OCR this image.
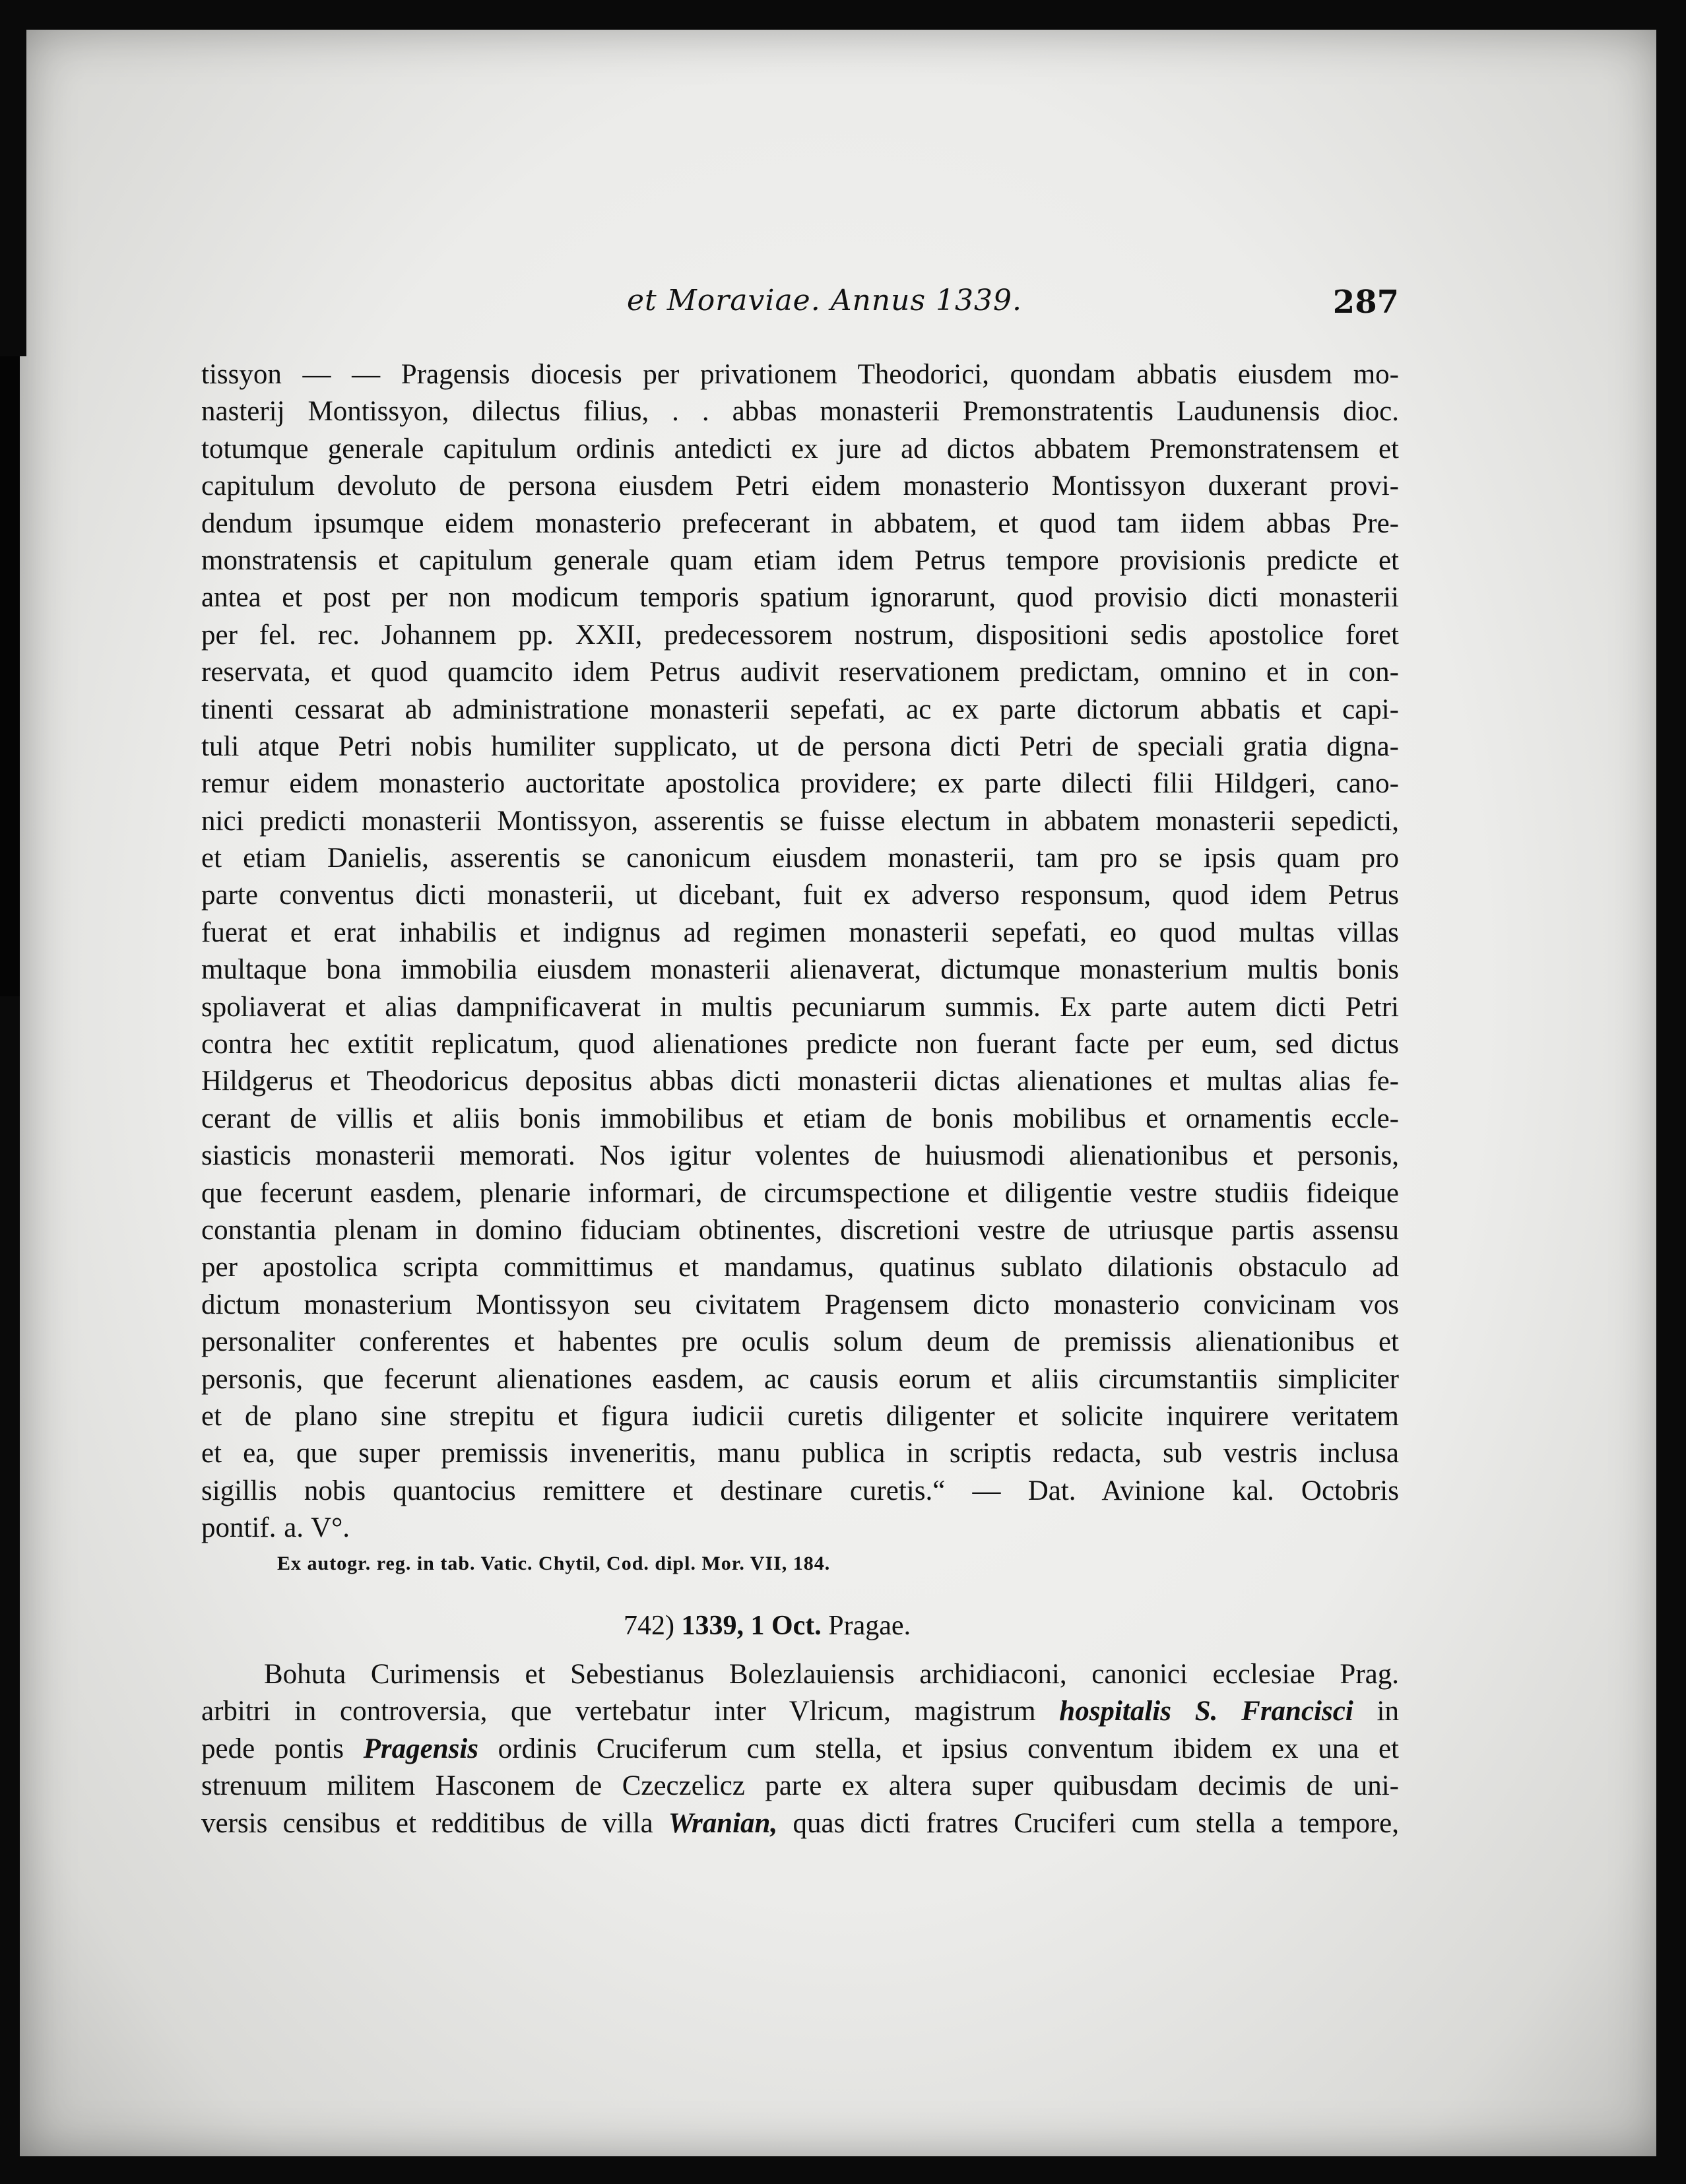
et Moraviae. Annus 1339.	287
tissyon — — Pragensis diocesis per privationem Theodorici, quondam abbatis eiusdem mo-
nasterij Montissyon, dilectus filius, . . abbas monasterii Premonstratentis Laudunensis dioc.
totumque generale capitulum ordinis antedicti ex jure ad dictos abbatem Premonstratensem et
capitulum devoluto de persona eiusdem Petri eidem monasterio Montissyon duxerant provi-
dendum ipsumque eidem monasterio prefecerant in abbatem, et quod tam iidem abbas Pre-
monstratensis et capitulum generale quam etiam idem Petrus tempore provisionis predicte et
antea et post per non modicum temporis spatium ignorarunt, quod provisio dicti monasterii
per fel. rec. Johannem pp. XXII, predecessorem nostrum, dispositioni sedis apostolice foret
reservata, et quod quamcito idem Petrus audivit reservationem predictam, omnino et in con-
tinenti cessarat ab administratione monasterii sepefati, ac ex parte dictorum abbatis et capi-
tuli atque Petri nobis humiliter supplicato, ut de persona dicti Petri de speciali gratia digna-
remur eidem monasterio auctoritate apostolica providere; ex parte dilecti filii Hildgeri, cano-
nici predicti monasterii Montissyon, asserentis se fuisse electum in abbatem monasterii sepedicti,
et etiam Danielis, asserentis se canonicum eiusdem monasterii, tam pro se ipsis quam pro
parte conventus dicti monasterii, ut dicebant, fuit ex adverso responsum, quod idem Petrus
fuerat et erat inhabilis et indignus ad regimen monasterii sepefati, eo quod multas villas
multaque bona immobilia eiusdem monasterii alienaverat, dictumque monasterium multis bonis
spoliaverat et alias dampnificaverat in multis pecuniarum summis. Ex parte autem dicti Petri
contra hec extitit replicatum, quod alienationes predicte non fuerant facte per eum, sed dictus
Hildgerus et Theodoricus depositus abbas dicti monasterii dictas alienationes et multas alias fe-
cerant de villis et aliis bonis immobilibus et etiam de bonis mobilibus et ornamentis eccle-
siasticis monasterii memorati. Nos igitur volentes de huiusmodi alienationibus et personis,
que fecerunt easdem, plenarie informari, de circumspectione et diligentie vestre studiis fideique
constantia plenam in domino fiduciam obtinentes, discretioni vestre de utriusque partis assensu
per apostolica scripta committimus et mandamus, quatinus sublato dilationis obstaculo ad
dictum monasterium Montissyon seu civitatem Pragensem dicto monasterio convicinam vos
personaliter conferentes et habentes pre oculis solum deum de premissis alienationibus et
personis, que fecerunt alienationes easdem, ac causis eorum et aliis circumstantiis simpliciter
et de plano sine strepitu et figura iudicii curetis diligenter et solicite inquirere veritatem
et ea, que super premissis inveneritis, manu publica in scriptis redacta, sub vestris inclusa
sigillis nobis quantocius remittere et destinare curetis.“ — Dat. Avinione kal. Octobris
pontif. a. V°.
Ex autogr. reg. in tab. Vatic. Chytil, Cod. dipl. Mor. VII, 184.
742) 1339, 1 Oct. Pragae.
Bohuta Curimensis et Sebestianus Bolezlauiensis archidiaconi, canonici ecclesiae Prag.
arbitri in controversia, que vertebatur inter Vlricum, magistrum hospitalis S. Francisci in
pede pontis Pragensis ordinis Cruciferum cum stella, et ipsius conventum ibidem ex una et
strenuum militem Hasconem de Czeczelicz parte ex altera super quibusdam decimis de uni-
versis censibus et redditibus de villa Wranian, quas dicti fratres Cruciferi cum stella a tempore,
